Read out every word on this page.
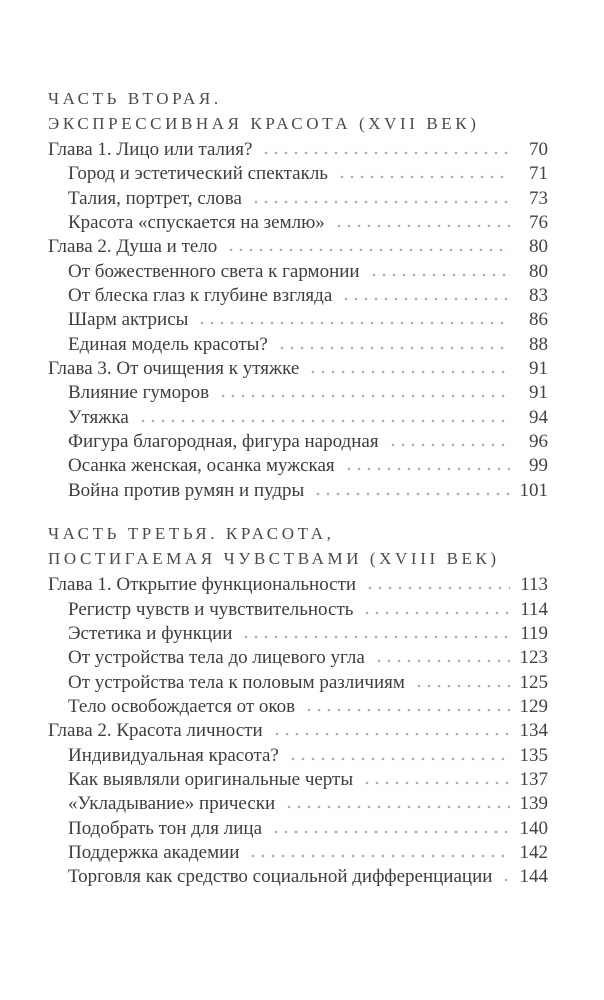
ЧАСТЬ ВТОРАЯ.
ЭКСПРЕССИВНАЯ КРАСОТА (XVII ВЕК)
Глава 1. Лицо или талия?	70
Город и эстетический спектакль	71
Талия, портрет, слова	73
Красота «спускается на землю»	76
Глава 2. Душа и тело	80
От божественного света к гармонии	80
От блеска глаз к глубине взгляда	83
Шарм актрисы	86
Единая модель красоты?	88
Глава 3. От очищения к утяжке	91
Влияние гуморов	91
Утяжка	94
Фигура благородная, фигура народная	96
Осанка женская, осанка мужская	99
Война против румян и пудры	101
ЧАСТЬ ТРЕТЬЯ. КРАСОТА,
ПОСТИГАЕМАЯ ЧУВСТВАМИ (XVIII ВЕК)
Глава 1. Открытие функциональности	113
Регистр чувств и чувствительность	114
Эстетика и функции	119
От устройства тела до лицевого угла	123
От устройства тела к половым различиям	125
Тело освобождается от оков	129
Глава 2. Красота личности	134
Индивидуальная красота?	135
Как выявляли оригинальные черты	137
«Укладывание» прически	139
Подобрать тон для лица	140
Поддержка академии	142
Торговля как средство социальной дифференциации 144
